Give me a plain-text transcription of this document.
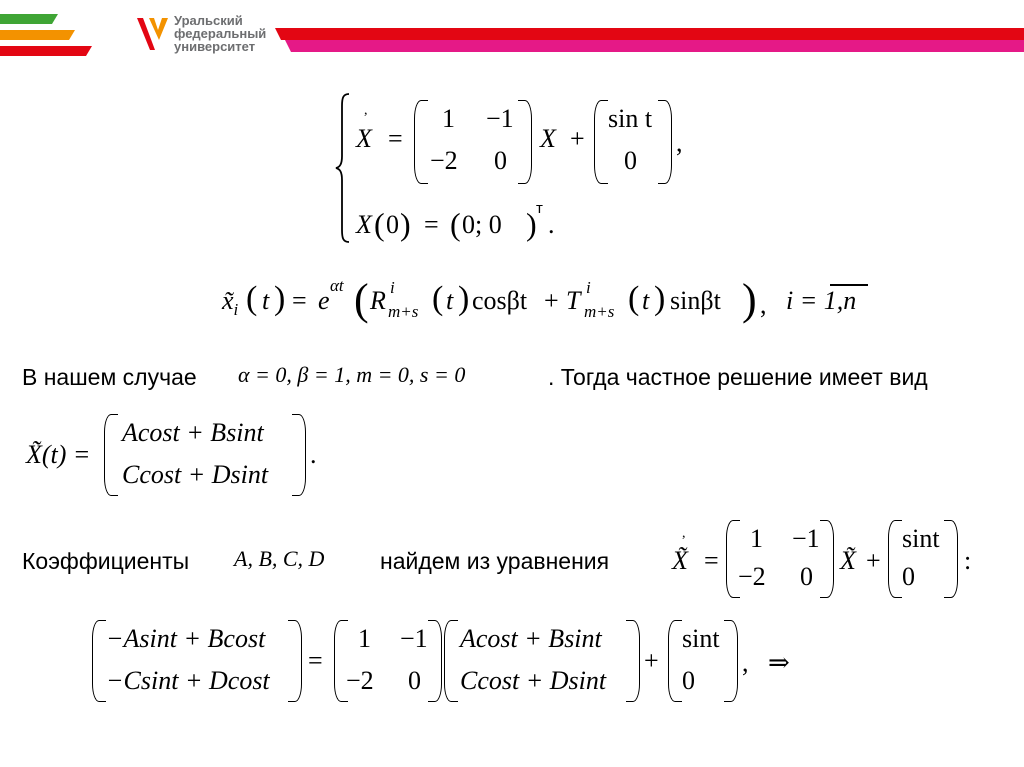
Уральский
федеральный
университет
X
,
=
1 −1
−2 0
X +
sin t
0
,
X ( 0 ) = ( 0; 0 ) т
.
$x̃_i$ ( t ) = e
αt ( R i
m+s ( t ) cosβt + T i
m+s ( t ) sinβt ) , i = 1,n
В нашем случае α = 0, β = 1, m = 0, s = 0	. Тогда частное решение имеет вид
X̃(t) =
Acost + Bsint
Ccost + Dsint
.
Коэффициенты A, B, C, D найдем из уравнения X̃
,
=
1 −1
−2 0
X̃ +
sint
0
:
−Asint + Bcost
−Csint + Dcost
=
1 −1
−2 0
Acost + Bsint
Ccost + Dsint
+
sint
0
,   ⇒
